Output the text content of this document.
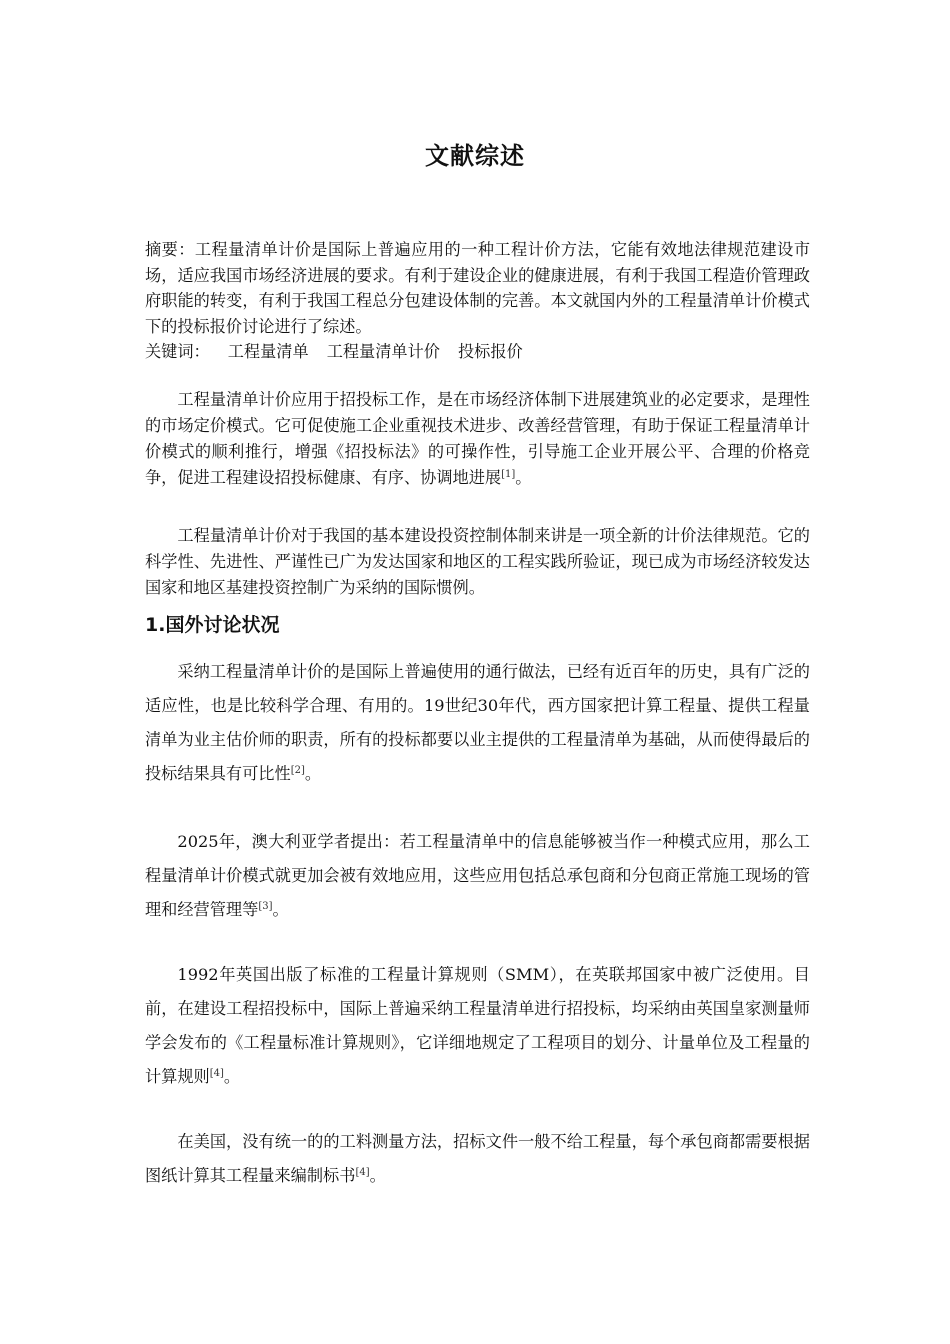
文献综述

摘要：工程量清单计价是国际上普遍应用的一种工程计价方法，它能有效地法律规范建设市场，适应我国市场经济进展的要求。有利于建设企业的健康进展，有利于我国工程造价管理政府职能的转变，有利于我国工程总分包建设体制的完善。本文就国内外的工程量清单计价模式下的投标报价讨论进行了综述。

关键词： 工程量清单 工程量清单计价 投标报价

工程量清单计价应用于招投标工作，是在市场经济体制下进展建筑业的必定要求，是理性的市场定价模式。它可促使施工企业重视技术进步、改善经营管理，有助于保证工程量清单计价模式的顺利推行，增强《招投标法》的可操作性，引导施工企业开展公平、合理的价格竞争，促进工程建设招投标健康、有序、协调地进展[1]。

工程量清单计价对于我国的基本建设投资控制体制来讲是一项全新的计价法律规范。它的科学性、先进性、严谨性已广为发达国家和地区的工程实践所验证，现已成为市场经济较发达国家和地区基建投资控制广为采纳的国际惯例。

1.国外讨论状况

采纳工程量清单计价的是国际上普遍使用的通行做法，已经有近百年的历史，具有广泛的适应性，也是比较科学合理、有用的。19世纪30年代，西方国家把计算工程量、提供工程量清单为业主估价师的职责，所有的投标都要以业主提供的工程量清单为基础，从而使得最后的投标结果具有可比性[2]。

2025年，澳大利亚学者提出：若工程量清单中的信息能够被当作一种模式应用，那么工程量清单计价模式就更加会被有效地应用，这些应用包括总承包商和分包商正常施工现场的管理和经营管理等[3]。

1992年英国出版了标准的工程量计算规则（SMM），在英联邦国家中被广泛使用。目前，在建设工程招投标中，国际上普遍采纳工程量清单进行招投标，均采纳由英国皇家测量师学会发布的《工程量标准计算规则》，它详细地规定了工程项目的划分、计量单位及工程量的计算规则[4]。

在美国，没有统一的的工料测量方法，招标文件一般不给工程量，每个承包商都需要根据图纸计算其工程量来编制标书[4]。
